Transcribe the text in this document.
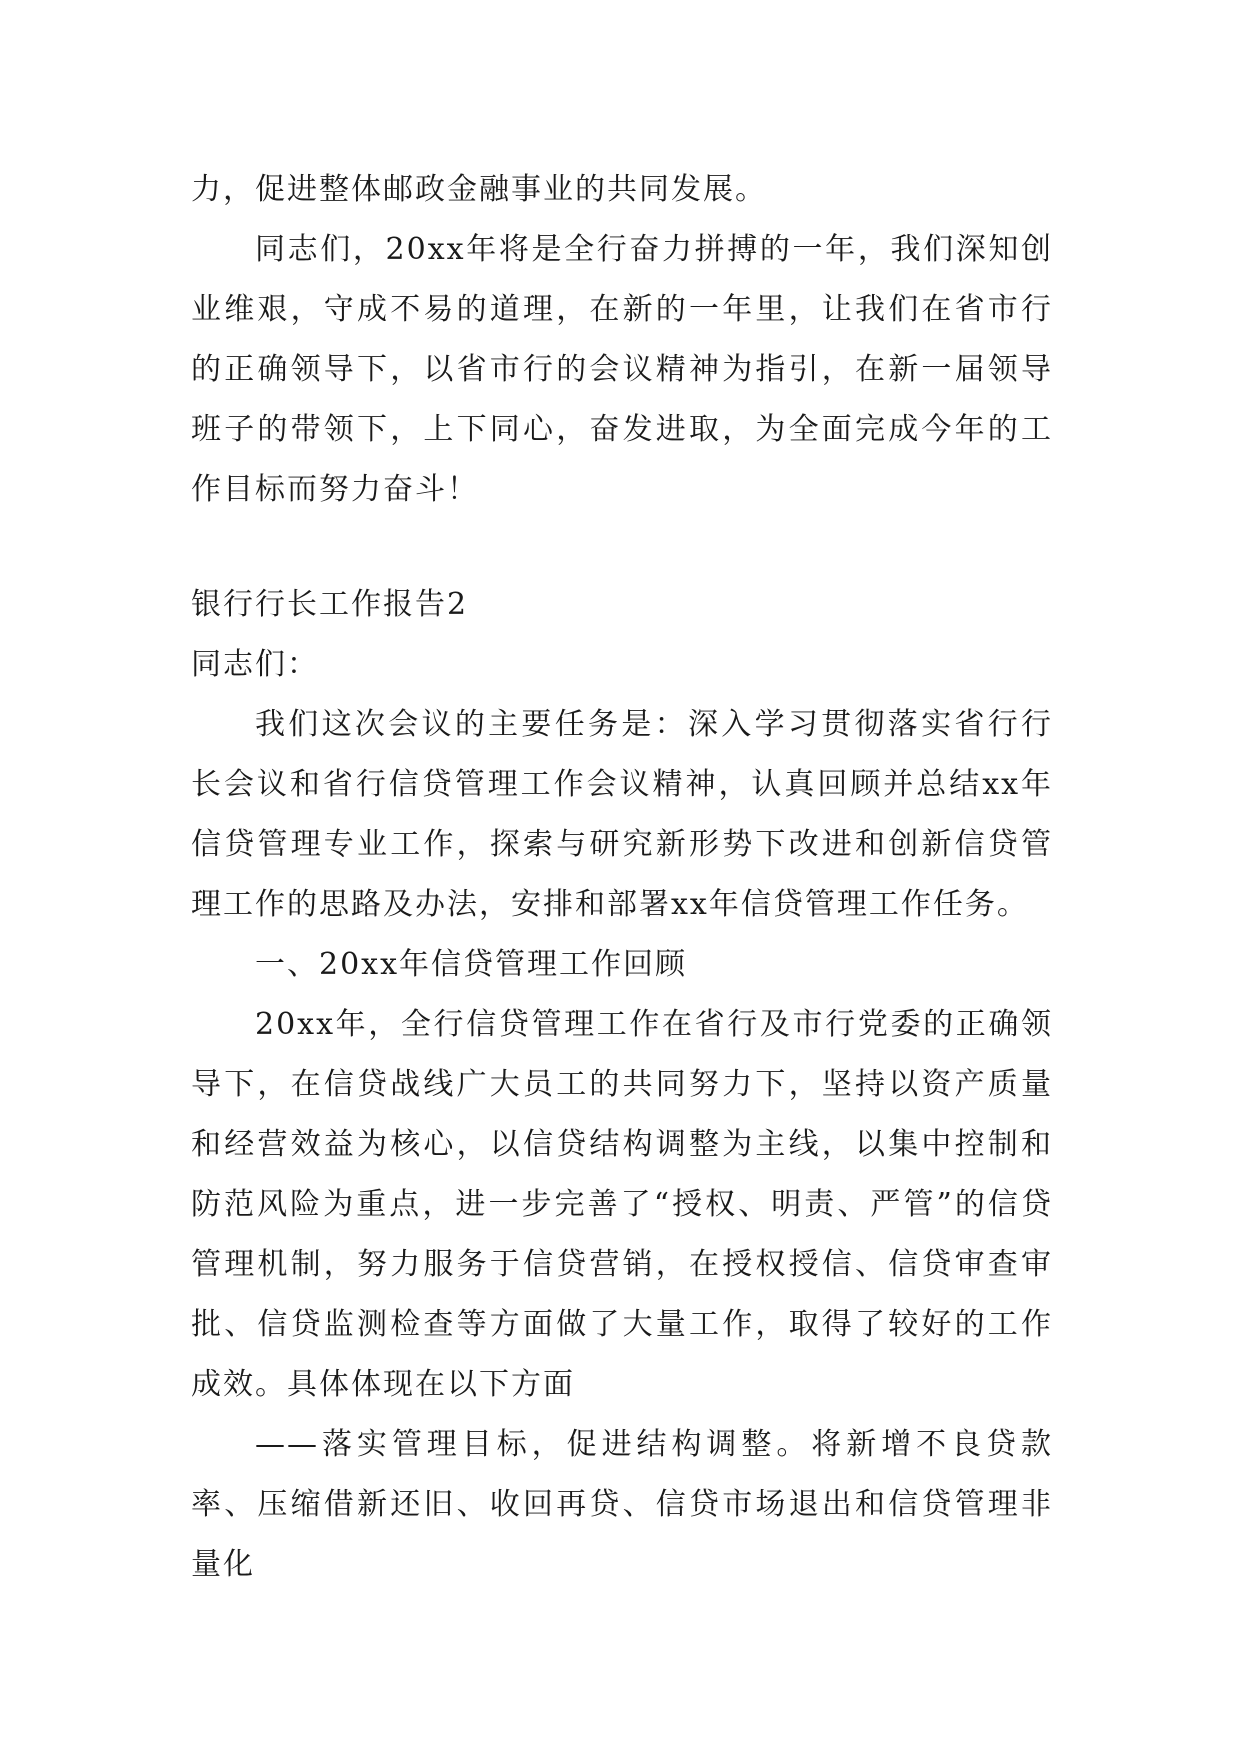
力，促进整体邮政金融事业的共同发展。

同志们，20xx年将是全行奋力拼搏的一年，我们深知创业维艰，守成不易的道理，在新的一年里，让我们在省市行的正确领导下，以省市行的会议精神为指引，在新一届领导班子的带领下，上下同心，奋发进取，为全面完成今年的工作目标而努力奋斗！

银行行长工作报告2

同志们：

我们这次会议的主要任务是：深入学习贯彻落实省行行长会议和省行信贷管理工作会议精神，认真回顾并总结xx年信贷管理专业工作，探索与研究新形势下改进和创新信贷管理工作的思路及办法，安排和部署xx年信贷管理工作任务。

一、20xx年信贷管理工作回顾

20xx年，全行信贷管理工作在省行及市行党委的正确领导下，在信贷战线广大员工的共同努力下，坚持以资产质量和经营效益为核心，以信贷结构调整为主线，以集中控制和防范风险为重点，进一步完善了“授权、明责、严管”的信贷管理机制，努力服务于信贷营销，在授权授信、信贷审查审批、信贷监测检查等方面做了大量工作，取得了较好的工作成效。具体体现在以下方面

——落实管理目标，促进结构调整。将新增不良贷款率、压缩借新还旧、收回再贷、信贷市场退出和信贷管理非量化
